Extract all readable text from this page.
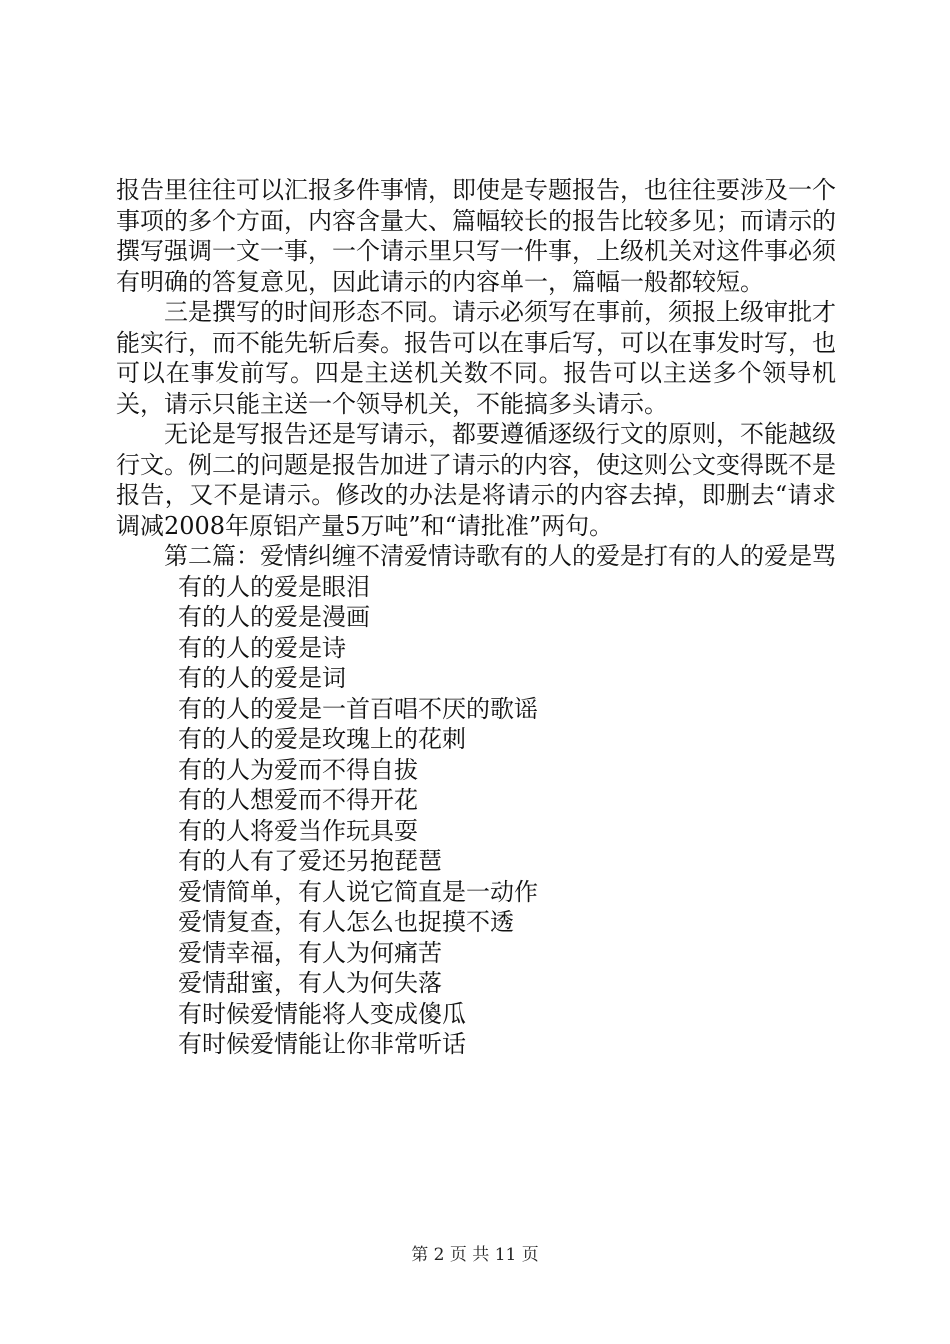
报告里往往可以汇报多件事情，即使是专题报告，也往往要涉及一个事项的多个方面，内容含量大、篇幅较长的报告比较多见；而请示的撰写强调一文一事，一个请示里只写一件事，上级机关对这件事必须有明确的答复意见，因此请示的内容单一，篇幅一般都较短。

三是撰写的时间形态不同。请示必须写在事前，须报上级审批才能实行，而不能先斩后奏。报告可以在事后写，可以在事发时写，也可以在事发前写。四是主送机关数不同。报告可以主送多个领导机关，请示只能主送一个领导机关，不能搞多头请示。

无论是写报告还是写请示，都要遵循逐级行文的原则，不能越级行文。例二的问题是报告加进了请示的内容，使这则公文变得既不是报告，又不是请示。修改的办法是将请示的内容去掉，即删去“请求调减2008年原铝产量5万吨”和“请批准”两句。

第二篇：爱情纠缠不清爱情诗歌有的人的爱是打有的人的爱是骂

有的人的爱是眼泪

有的人的爱是漫画

有的人的爱是诗

有的人的爱是词

有的人的爱是一首百唱不厌的歌谣

有的人的爱是玫瑰上的花刺

有的人为爱而不得自拔

有的人想爱而不得开花

有的人将爱当作玩具耍

有的人有了爱还另抱琵琶

爱情简单，有人说它简直是一动作

爱情复查，有人怎么也捉摸不透

爱情幸福，有人为何痛苦

爱情甜蜜，有人为何失落

有时候爱情能将人变成傻瓜

有时候爱情能让你非常听话

第 2 页 共 11 页
